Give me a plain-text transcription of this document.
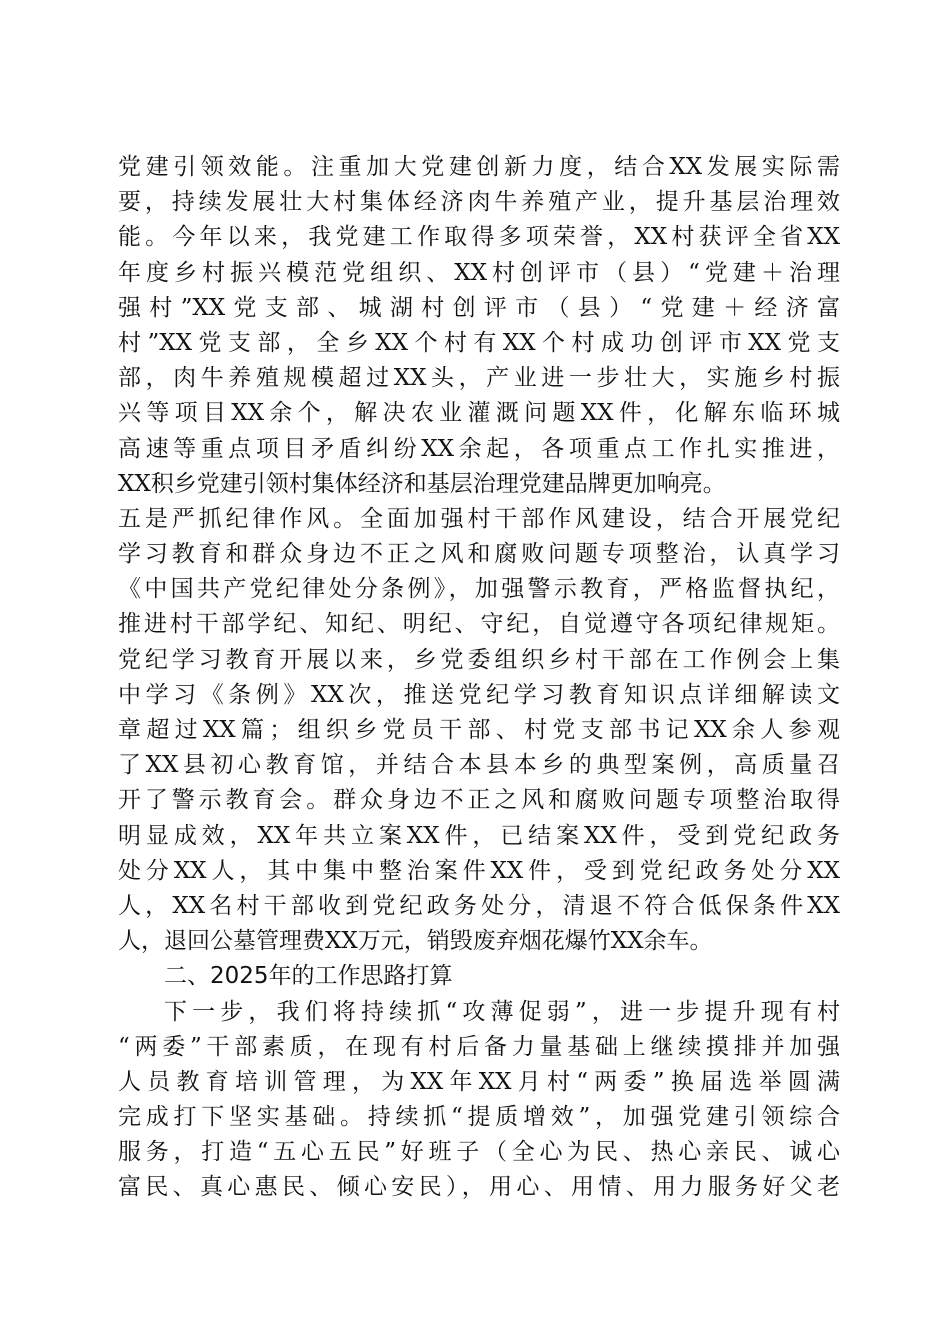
党建引领效能。注重加大党建创新力度，结合XX发展实际需
要，持续发展壮大村集体经济肉牛养殖产业，提升基层治理效
能。今年以来，我党建工作取得多项荣誉，XX村获评全省XX
年度乡村振兴模范党组织、XX村创评市（县）“党建＋治理
强村”XX党支部、城湖村创评市（县）“党建＋经济富
村”XX党支部，全乡XX个村有XX个村成功创评市XX党支
部，肉牛养殖规模超过XX头，产业进一步壮大，实施乡村振
兴等项目XX余个，解决农业灌溉问题XX件，化解东临环城
高速等重点项目矛盾纠纷XX余起，各项重点工作扎实推进，
XX积乡党建引领村集体经济和基层治理党建品牌更加响亮。
五是严抓纪律作风。全面加强村干部作风建设，结合开展党纪
学习教育和群众身边不正之风和腐败问题专项整治，认真学习
《中国共产党纪律处分条例》，加强警示教育，严格监督执纪，
推进村干部学纪、知纪、明纪、守纪，自觉遵守各项纪律规矩。
党纪学习教育开展以来，乡党委组织乡村干部在工作例会上集
中学习《条例》XX次，推送党纪学习教育知识点详细解读文
章超过XX篇；组织乡党员干部、村党支部书记XX余人参观
了XX县初心教育馆，并结合本县本乡的典型案例，高质量召
开了警示教育会。群众身边不正之风和腐败问题专项整治取得
明显成效，XX年共立案XX件，已结案XX件，受到党纪政务
处分XX人，其中集中整治案件XX件，受到党纪政务处分XX
人，XX名村干部收到党纪政务处分，清退不符合低保条件XX
人，退回公墓管理费XX万元，销毁废弃烟花爆竹XX余车。
二、2025年的工作思路打算
下一步，我们将持续抓“攻薄促弱”，进一步提升现有村
“两委”干部素质，在现有村后备力量基础上继续摸排并加强
人员教育培训管理，为XX年XX月村“两委”换届选举圆满
完成打下坚实基础。持续抓“提质增效”，加强党建引领综合
服务，打造“五心五民”好班子（全心为民、热心亲民、诚心
富民、真心惠民、倾心安民），用心、用情、用力服务好父老
